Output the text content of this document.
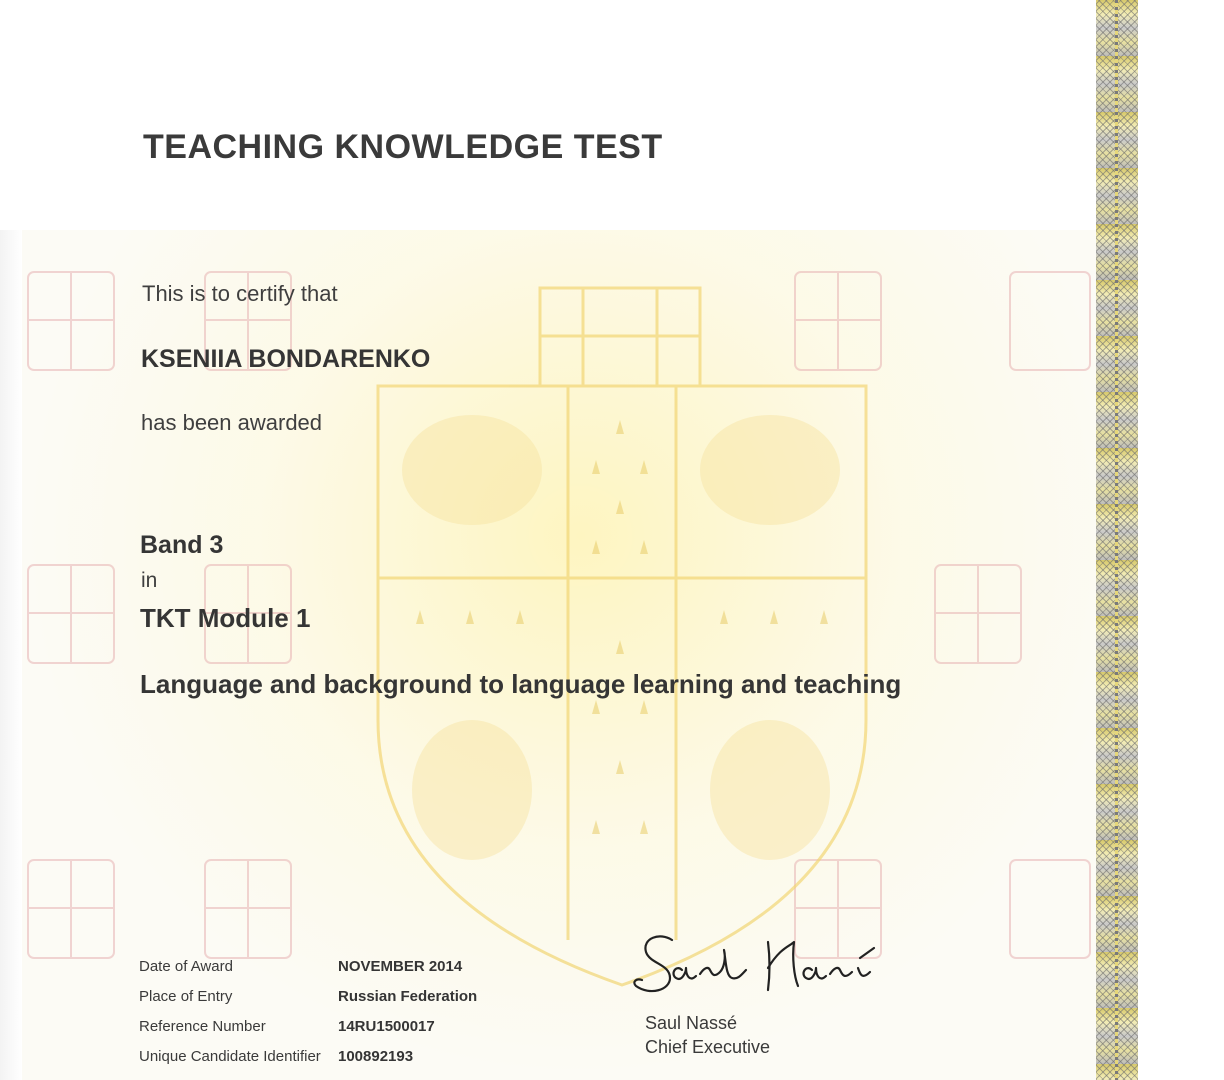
TEACHING KNOWLEDGE TEST

This is to certify that

KSENIIA BONDARENKO

has been awarded

Band 3

in

TKT Module 1

Language and background to language learning and teaching

Date of Award	NOVEMBER 2014
Place of Entry	Russian Federation
Reference Number	14RU1500017
Unique Candidate Identifier 100892193
Saul Nassé
Chief Executive
